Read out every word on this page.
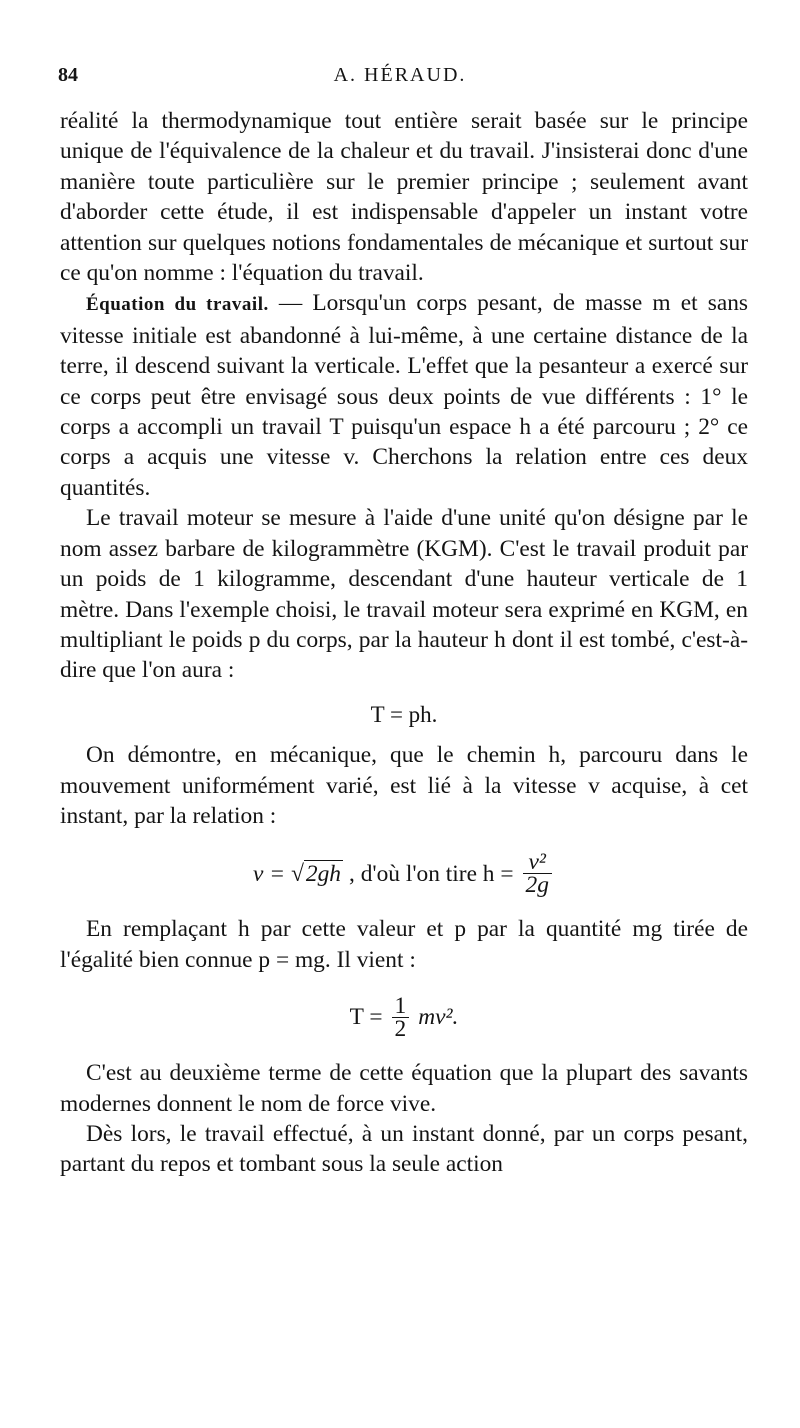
84	A. HÉRAUD.

réalité la thermodynamique tout entière serait basée sur le principe unique de l'équivalence de la chaleur et du travail. J'insisterai donc d'une manière toute particulière sur le premier principe ; seulement avant d'aborder cette étude, il est indispensable d'appeler un instant votre attention sur quelques notions fondamentales de mécanique et surtout sur ce qu'on nomme : l'équation du travail.

Équation du travail. — Lorsqu'un corps pesant, de masse m et sans vitesse initiale est abandonné à lui-même, à une certaine distance de la terre, il descend suivant la verticale. L'effet que la pesanteur a exercé sur ce corps peut être envisagé sous deux points de vue différents : 1° le corps a accompli un travail T puisqu'un espace h a été parcouru ; 2° ce corps a acquis une vitesse v. Cherchons la relation entre ces deux quantités.

Le travail moteur se mesure à l'aide d'une unité qu'on désigne par le nom assez barbare de kilogrammètre (KGM). C'est le travail produit par un poids de 1 kilogramme, descendant d'une hauteur verticale de 1 mètre. Dans l'exemple choisi, le travail moteur sera exprimé en KGM, en multipliant le poids p du corps, par la hauteur h dont il est tombé, c'est-à-dire que l'on aura :

T = ph.

On démontre, en mécanique, que le chemin h, parcouru dans le mouvement uniformément varié, est lié à la vitesse v acquise, à cet instant, par la relation :

v = √2gh , d'où l'on tire $h = \frac{\text{v²}}{2g}$

En remplaçant h par cette valeur et p par la quantité mg tirée de l'égalité bien connue p = mg. Il vient :

$T = \frac{1}{2} mv^2$.

C'est au deuxième terme de cette équation que la plupart des savants modernes donnent le nom de force vive.

Dès lors, le travail effectué, à un instant donné, par un corps pesant, partant du repos et tombant sous la seule action
